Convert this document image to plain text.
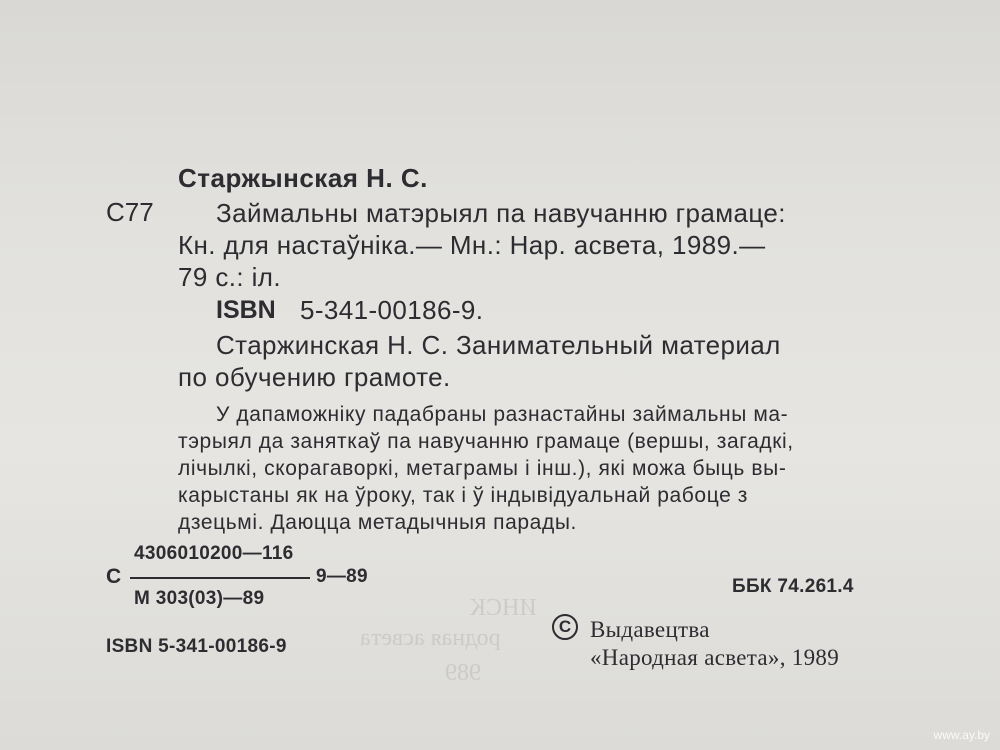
ИНСК
родная асвета
989
Старжынская Н. С.
С77 Займальны матэрыял па навучанню грамаце:
Кн. для настаўніка.— Мн.: Нар. асвета, 1989.—
79 с.: іл.
ISBN 5-341-00186-9.
Старжинская Н. С. Занимательный материал
по обучению грамоте.
У дапаможніку падабраны разнастайны займальны ма-
тэрыял да заняткаў па навучанню грамаце (вершы, загадкі,
лічылкі, скорагаворкі, метаграмы і інш.), які можа быць вы-
карыстаны як на ўроку, так і ў індывідуальнай рабоце з
дзецьмі. Даюцца метадычныя парады.
4306010200—116
С	9—89
М 303(03)—89
ББК 74.261.4
ISBN 5-341-00186-9
С Выдавецтва
«Народная асвета», 1989
www.ay.by
